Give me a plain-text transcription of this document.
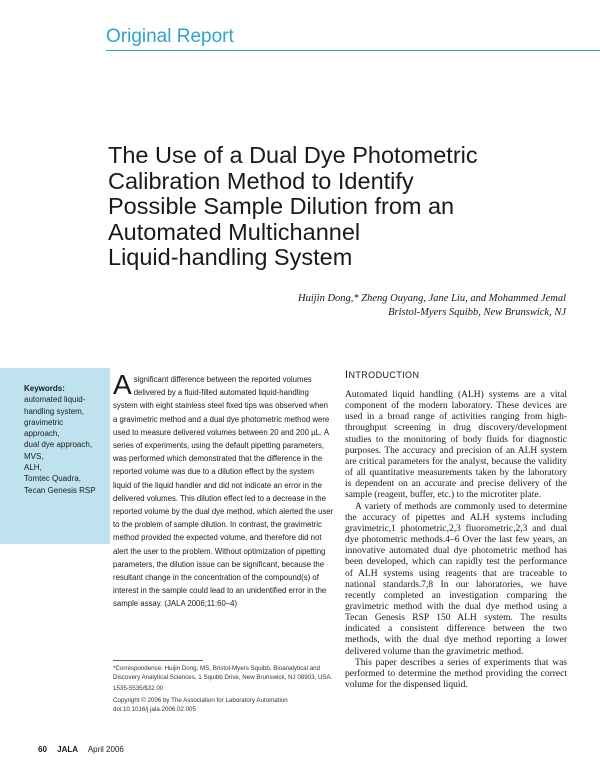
Original Report
The Use of a Dual Dye Photometric
Calibration Method to Identify
Possible Sample Dilution from an
Automated Multichannel
Liquid-handling System
Huijin Dong,* Zheng Ouyang, Jane Liu, and Mohammed Jemal
Bristol-Myers Squibb, New Brunswick, NJ
Keywords:
automated liquid-
handling system,
gravimetric
approach,
dual dye approach,
MVS,
ALH,
Tomtec Quadra,
Tecan Genesis RSP
A significant difference between the reported volumes delivered by a fluid-filled automated liquid-handling system with eight stainless steel fixed tips was observed when a gravimetric method and a dual dye photometric method were used to measure delivered volumes between 20 and 200 µL. A series of experiments, using the default pipetting parameters, was performed which demonstrated that the difference in the reported volume was due to a dilution effect by the system liquid of the liquid handler and did not indicate an error in the delivered volumes. This dilution effect led to a decrease in the reported volume by the dual dye method, which alerted the user to the problem of sample dilution. In contrast, the gravimetric method provided the expected volume, and therefore did not alert the user to the problem. Without optimization of pipetting parameters, the dilution issue can be significant, because the resultant change in the concentration of the compound(s) of interest in the sample could lead to an unidentified error in the sample assay. (JALA 2006;11:60–4)

*Correspondence: Huijin Dong, MS, Bristol-Myers Squibb, Bioanalytical and Discovery Analytical Sciences, 1 Squibb Drive, New Brunswick, NJ 08903, USA.

1535-5535/$32.00

Copyright © 2006 by The Association for Laboratory Automation
doi:10.1016/j.jala.2006.02.005
INTRODUCTION

Automated liquid handling (ALH) systems are a vital component of the modern laboratory. These devices are used in a broad range of activities ranging from high-throughput screening in drug discovery/development studies to the monitoring of body fluids for diagnostic purposes. The accuracy and precision of an ALH system are critical parameters for the analyst, because the validity of all quantitative measurements taken by the laboratory is dependent on an accurate and precise delivery of the sample (reagent, buffer, etc.) to the microtiter plate.

A variety of methods are commonly used to determine the accuracy of pipettes and ALH systems including gravimetric,1 photometric,2,3 fluorometric,2,3 and dual dye photometric methods.4–6 Over the last few years, an innovative automated dual dye photometric method has been developed, which can rapidly test the performance of ALH systems using reagents that are traceable to national standards.7,8 In our laboratories, we have recently completed an investigation comparing the gravimetric method with the dual dye method using a Tecan Genesis RSP 150 ALH system. The results indicated a consistent difference between the two methods, with the dual dye method reporting a lower delivered volume than the gravimetric method.

This paper describes a series of experiments that was performed to determine the method providing the correct volume for the dispensed liquid.

60 JALA April 2006
